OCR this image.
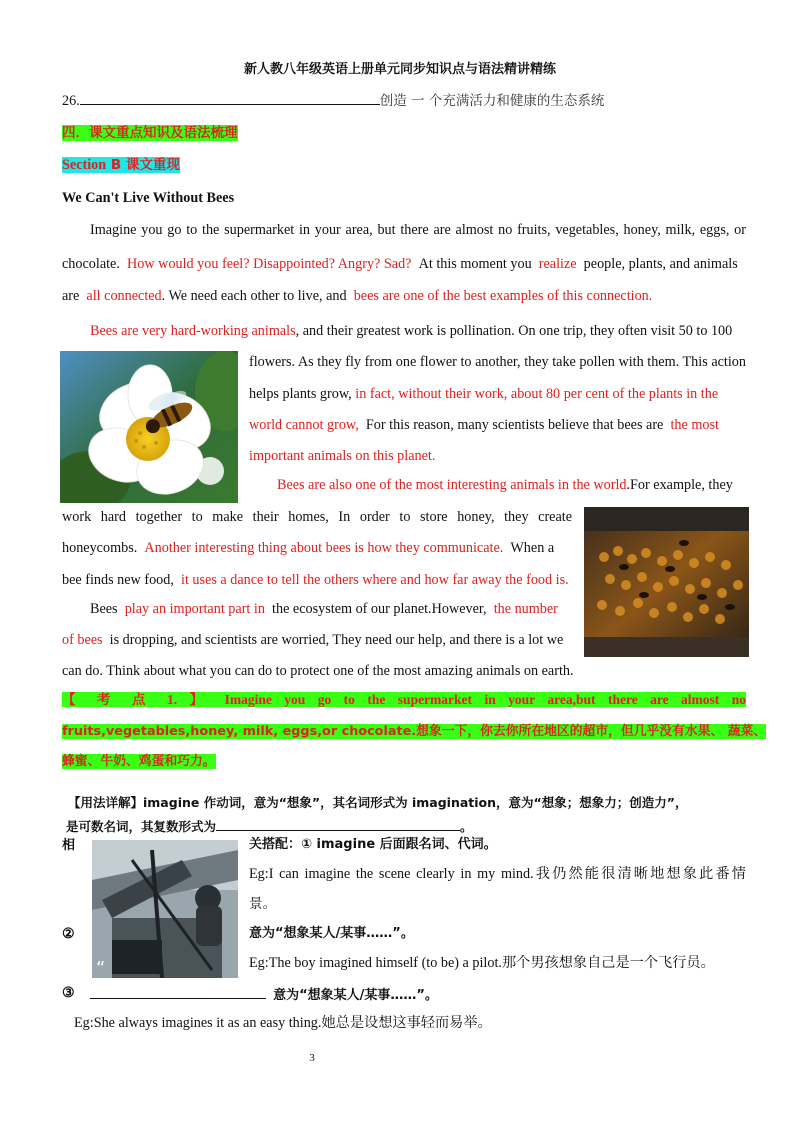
新人教八年级英语上册单元同步知识点与语法精讲精练
26.	创造 一 个充满活力和健康的生态系统
四．课文重点知识及语法梳理
Section B 课文重现
We Can't Live Without Bees
Imagine you go to the supermarket in your area, but there are almost no fruits, vegetables, honey, milk, eggs, or
chocolate. How would you feel? Disappointed? Angry? Sad? At this moment you realize people, plants, and animals
are all connected. We need each other to live, and bees are one of the best examples of this connection.
Bees are very hard-working animals, and their greatest work is pollination. On one trip, they often visit 50 to 100
flowers. As they fly from one flower to another, they take pollen with them. This action
helps plants grow, in fact, without their work, about 80 per cent of the plants in the
world cannot grow, For this reason, many scientists believe that bees are the most
important animals on this planet.
Bees are also one of the most interesting animals in the world.For example, they
work hard together to make their homes, In order to store honey, they create
honeycombs. Another interesting thing about bees is how they communicate. When a
bee finds new food, it uses a dance to tell the others where and how far away the food is.
Bees play an important part in the ecosystem of our planet.However, the number
of bees is dropping, and scientists are worried, They need our help, and there is a lot we
can do. Think about what you can do to protect one of the most amazing animals on earth.
【 考 点 1. 】 Imagine you go to the supermarket in your area,but there are almost no
fruits,vegetables,honey, milk, eggs,or chocolate.想象一下，你去你所在地区的超市，但几乎没有水果、 蔬菜、
蜂蜜、牛奶、鸡蛋和巧力。
【用法详解】imagine 作动词，意为“想象”，其名词形式为 imagination，意为“想象；想象力；创造力”，
是可数名词，其复数形式为	。
相
“
关搭配：① imagine 后面跟名词、代词。
Eg:I can imagine the scene clearly in my mind.我仍然能很清晰地想象此番情
景。
②	意为“想象某人/某事……”。
Eg:The boy imagined himself (to be) a pilot.那个男孩想象自己是一个飞行员。
③	意为“想象某人/某事……”。
Eg:She always imagines it as an easy thing.她总是设想这事轻而易举。
3
